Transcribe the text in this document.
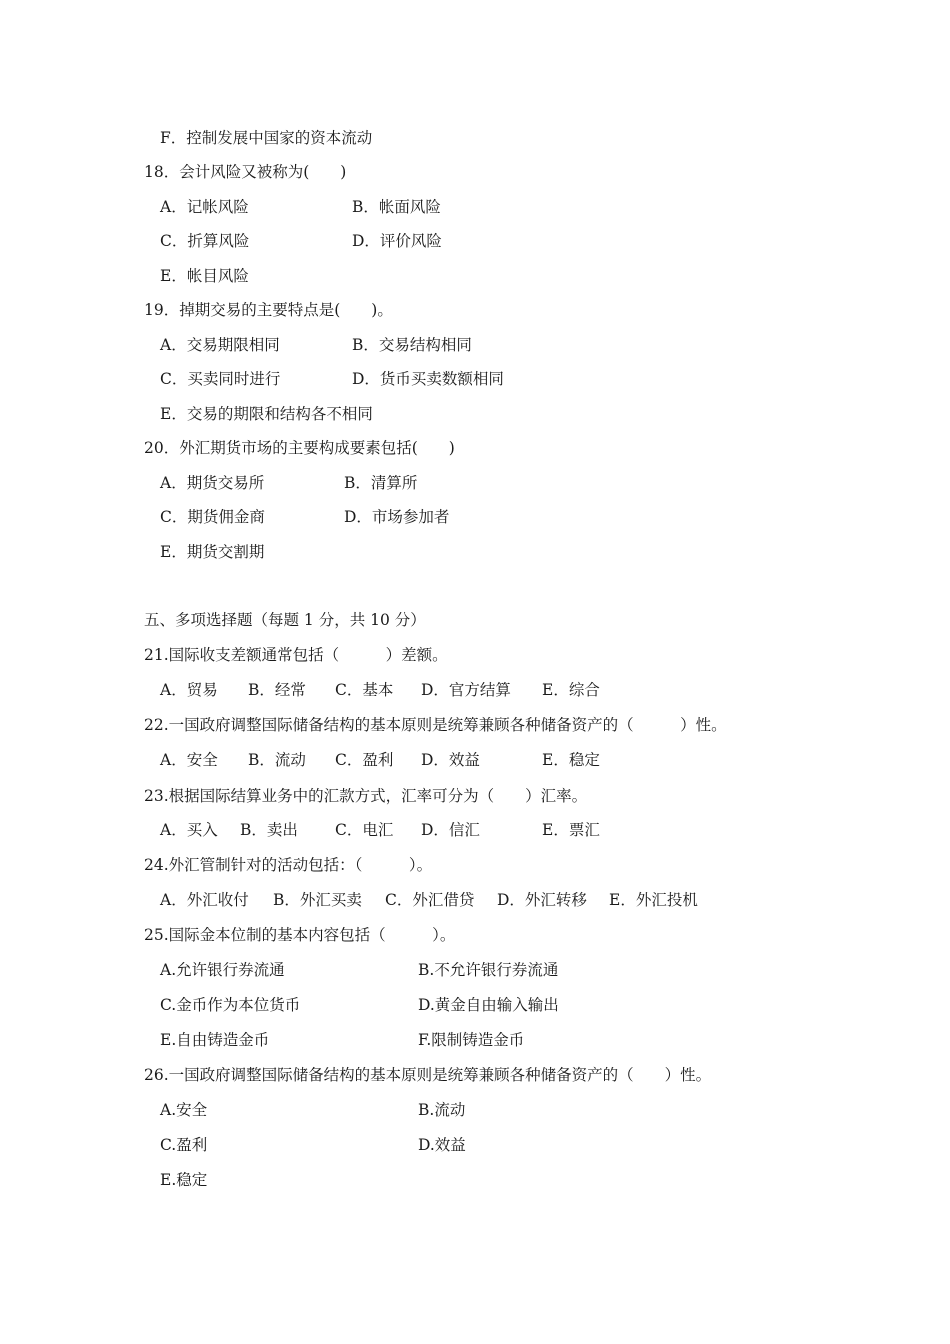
F．控制发展中国家的资本流动
18．会计风险又被称为(　　)
A．记帐风险	B．帐面风险
C．折算风险	D．评价风险
E．帐目风险
19．掉期交易的主要特点是(　　)。
A．交易期限相同	B．交易结构相同
C．买卖同时进行	D．货币买卖数额相同
E．交易的期限和结构各不相同
20．外汇期货市场的主要构成要素包括(　　)
A．期货交易所	B．清算所
C．期货佣金商	D．市场参加者
E．期货交割期
五、多项选择题（每题 1 分，共 10 分）
21.国际收支差额通常包括（　　　）差额。
A．贸易 B．经常 C．基本 D．官方结算 E．综合
22.一国政府调整国际储备结构的基本原则是统筹兼顾各种储备资产的（　　　）性。
A．安全 B．流动 C．盈利 D．效益	E．稳定
23.根据国际结算业务中的汇款方式，汇率可分为（　　）汇率。
A．买入 B．卖出 C．电汇 D．信汇	E．票汇
24.外汇管制针对的活动包括：（　　　）。
A．外汇收付 B．外汇买卖 C．外汇借贷 D．外汇转移 E．外汇投机
25.国际金本位制的基本内容包括（　　　）。
A.允许银行券流通	B.不允许银行券流通
C.金币作为本位货币	D.黄金自由输入输出
E.自由铸造金币	F.限制铸造金币
26.一国政府调整国际储备结构的基本原则是统筹兼顾各种储备资产的（　　）性。
A.安全	B.流动
C.盈利	D.效益
E.稳定
